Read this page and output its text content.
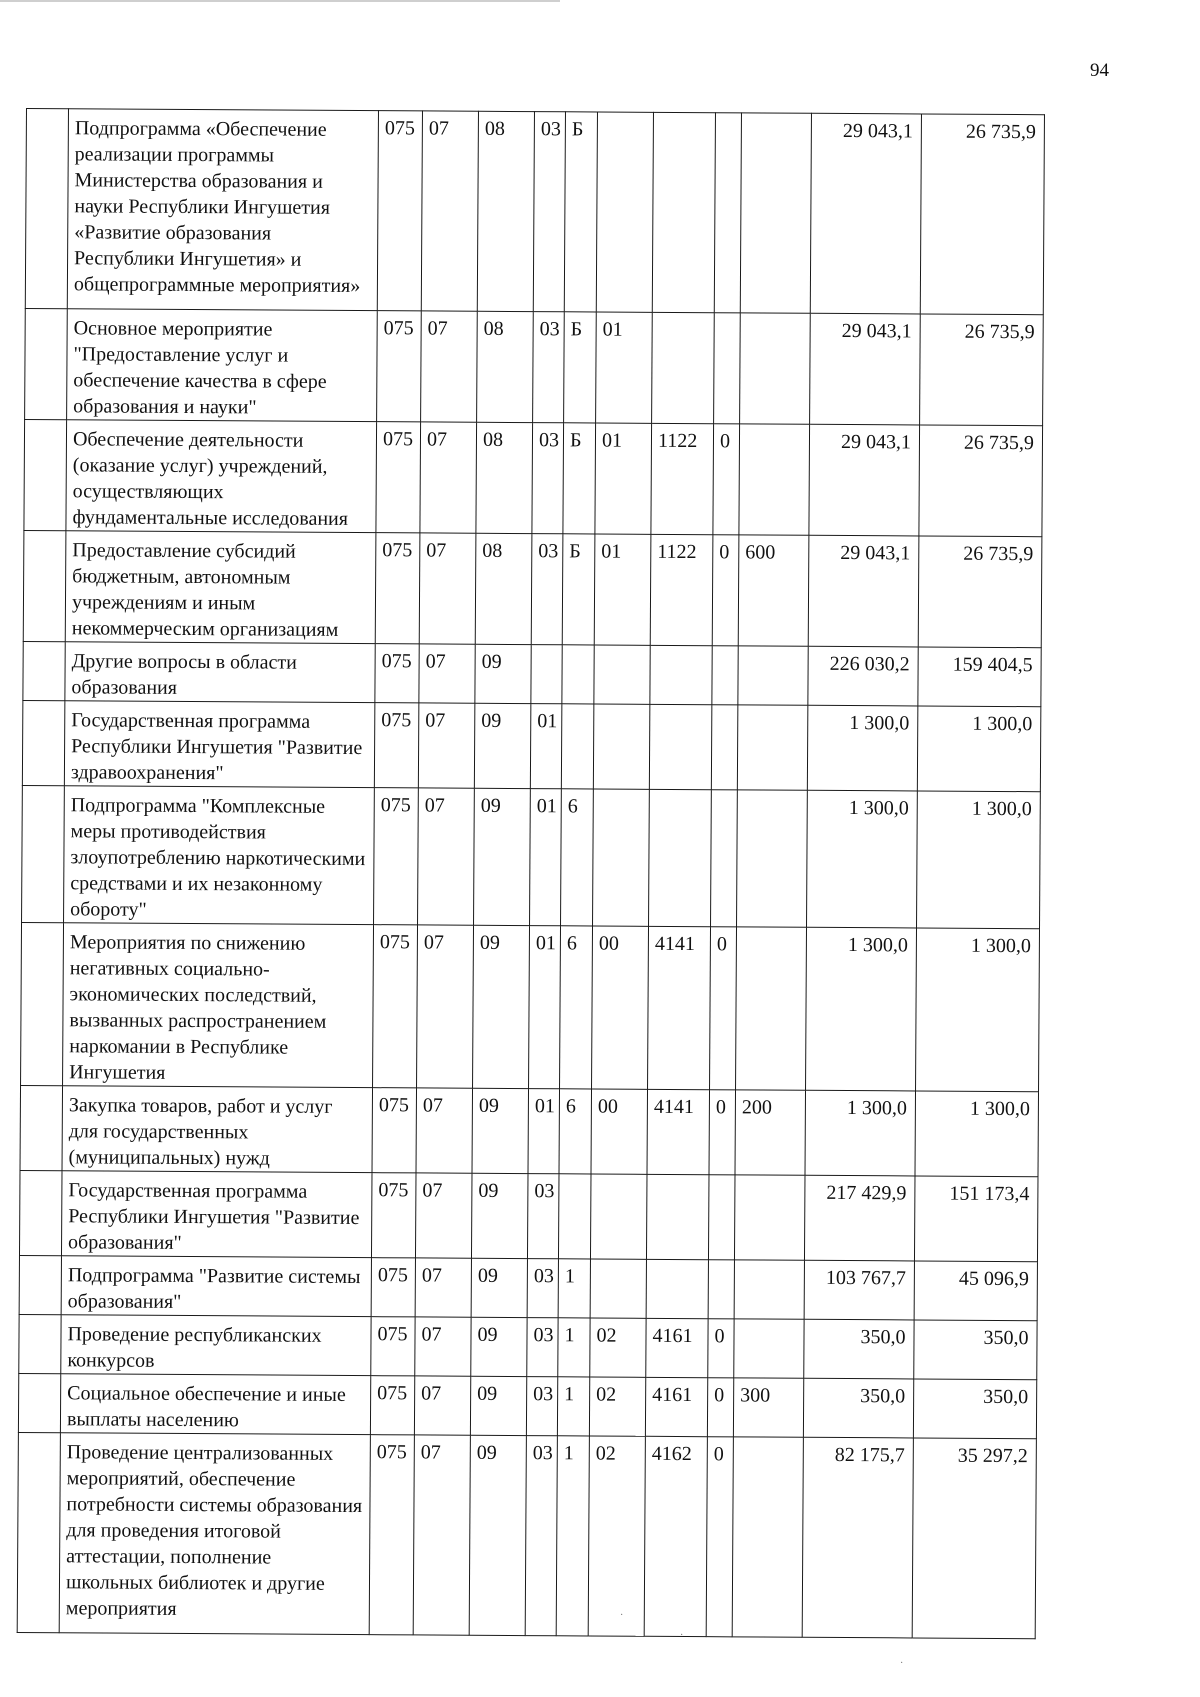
94
	Подпрограмма «Обеспечение реализации программы Министерства образования и науки Республики Ингушетия «Развитие образования Республики Ингушетия» и общепрограммные мероприятия»	075	07	08	03	Б					29 043,1	26 735,9
	Основное мероприятие "Предоставление услуг и обеспечение качества в сфере образования и науки"	075	07	08	03	Б	01				29 043,1	26 735,9
	Обеспечение деятельности (оказание услуг) учреждений, осуществляющих фундаментальные исследования	075	07	08	03	Б	01	1122	0		29 043,1	26 735,9
	Предоставление субсидий бюджетным, автономным учреждениям и иным некоммерческим организациям	075	07	08	03	Б	01	1122	0	600	29 043,1	26 735,9
	Другие вопросы в области образования	075	07	09							226 030,2	159 404,5
	Государственная программа Республики Ингушетия "Развитие здравоохранения"	075	07	09	01						1 300,0	1 300,0
	Подпрограмма "Комплексные меры противодействия злоупотреблению наркотическими средствами и их незаконному обороту"	075	07	09	01	6					1 300,0	1 300,0
	Мероприятия по снижению негативных социально-экономических последствий, вызванных распространением наркомании в Республике Ингушетия	075	07	09	01	6	00	4141	0		1 300,0	1 300,0
	Закупка товаров, работ и услуг для государственных (муниципальных) нужд	075	07	09	01	6	00	4141	0	200	1 300,0	1 300,0
	Государственная программа Республики Ингушетия "Развитие образования"	075	07	09	03						217 429,9	151 173,4
	Подпрограмма "Развитие системы образования"	075	07	09	03	1					103 767,7	45 096,9
	Проведение республиканских конкурсов	075	07	09	03	1	02	4161	0		350,0	350,0
	Социальное обеспечение и иные выплаты населению	075	07	09	03	1	02	4161	0	300	350,0	350,0
	Проведение централизованных мероприятий, обеспечение потребности системы образования для проведения итоговой аттестации, пополнение школьных библиотек и другие мероприятия	075	07	09	03	1	02	4162	0		82 175,7	35 297,2
·
·
·
